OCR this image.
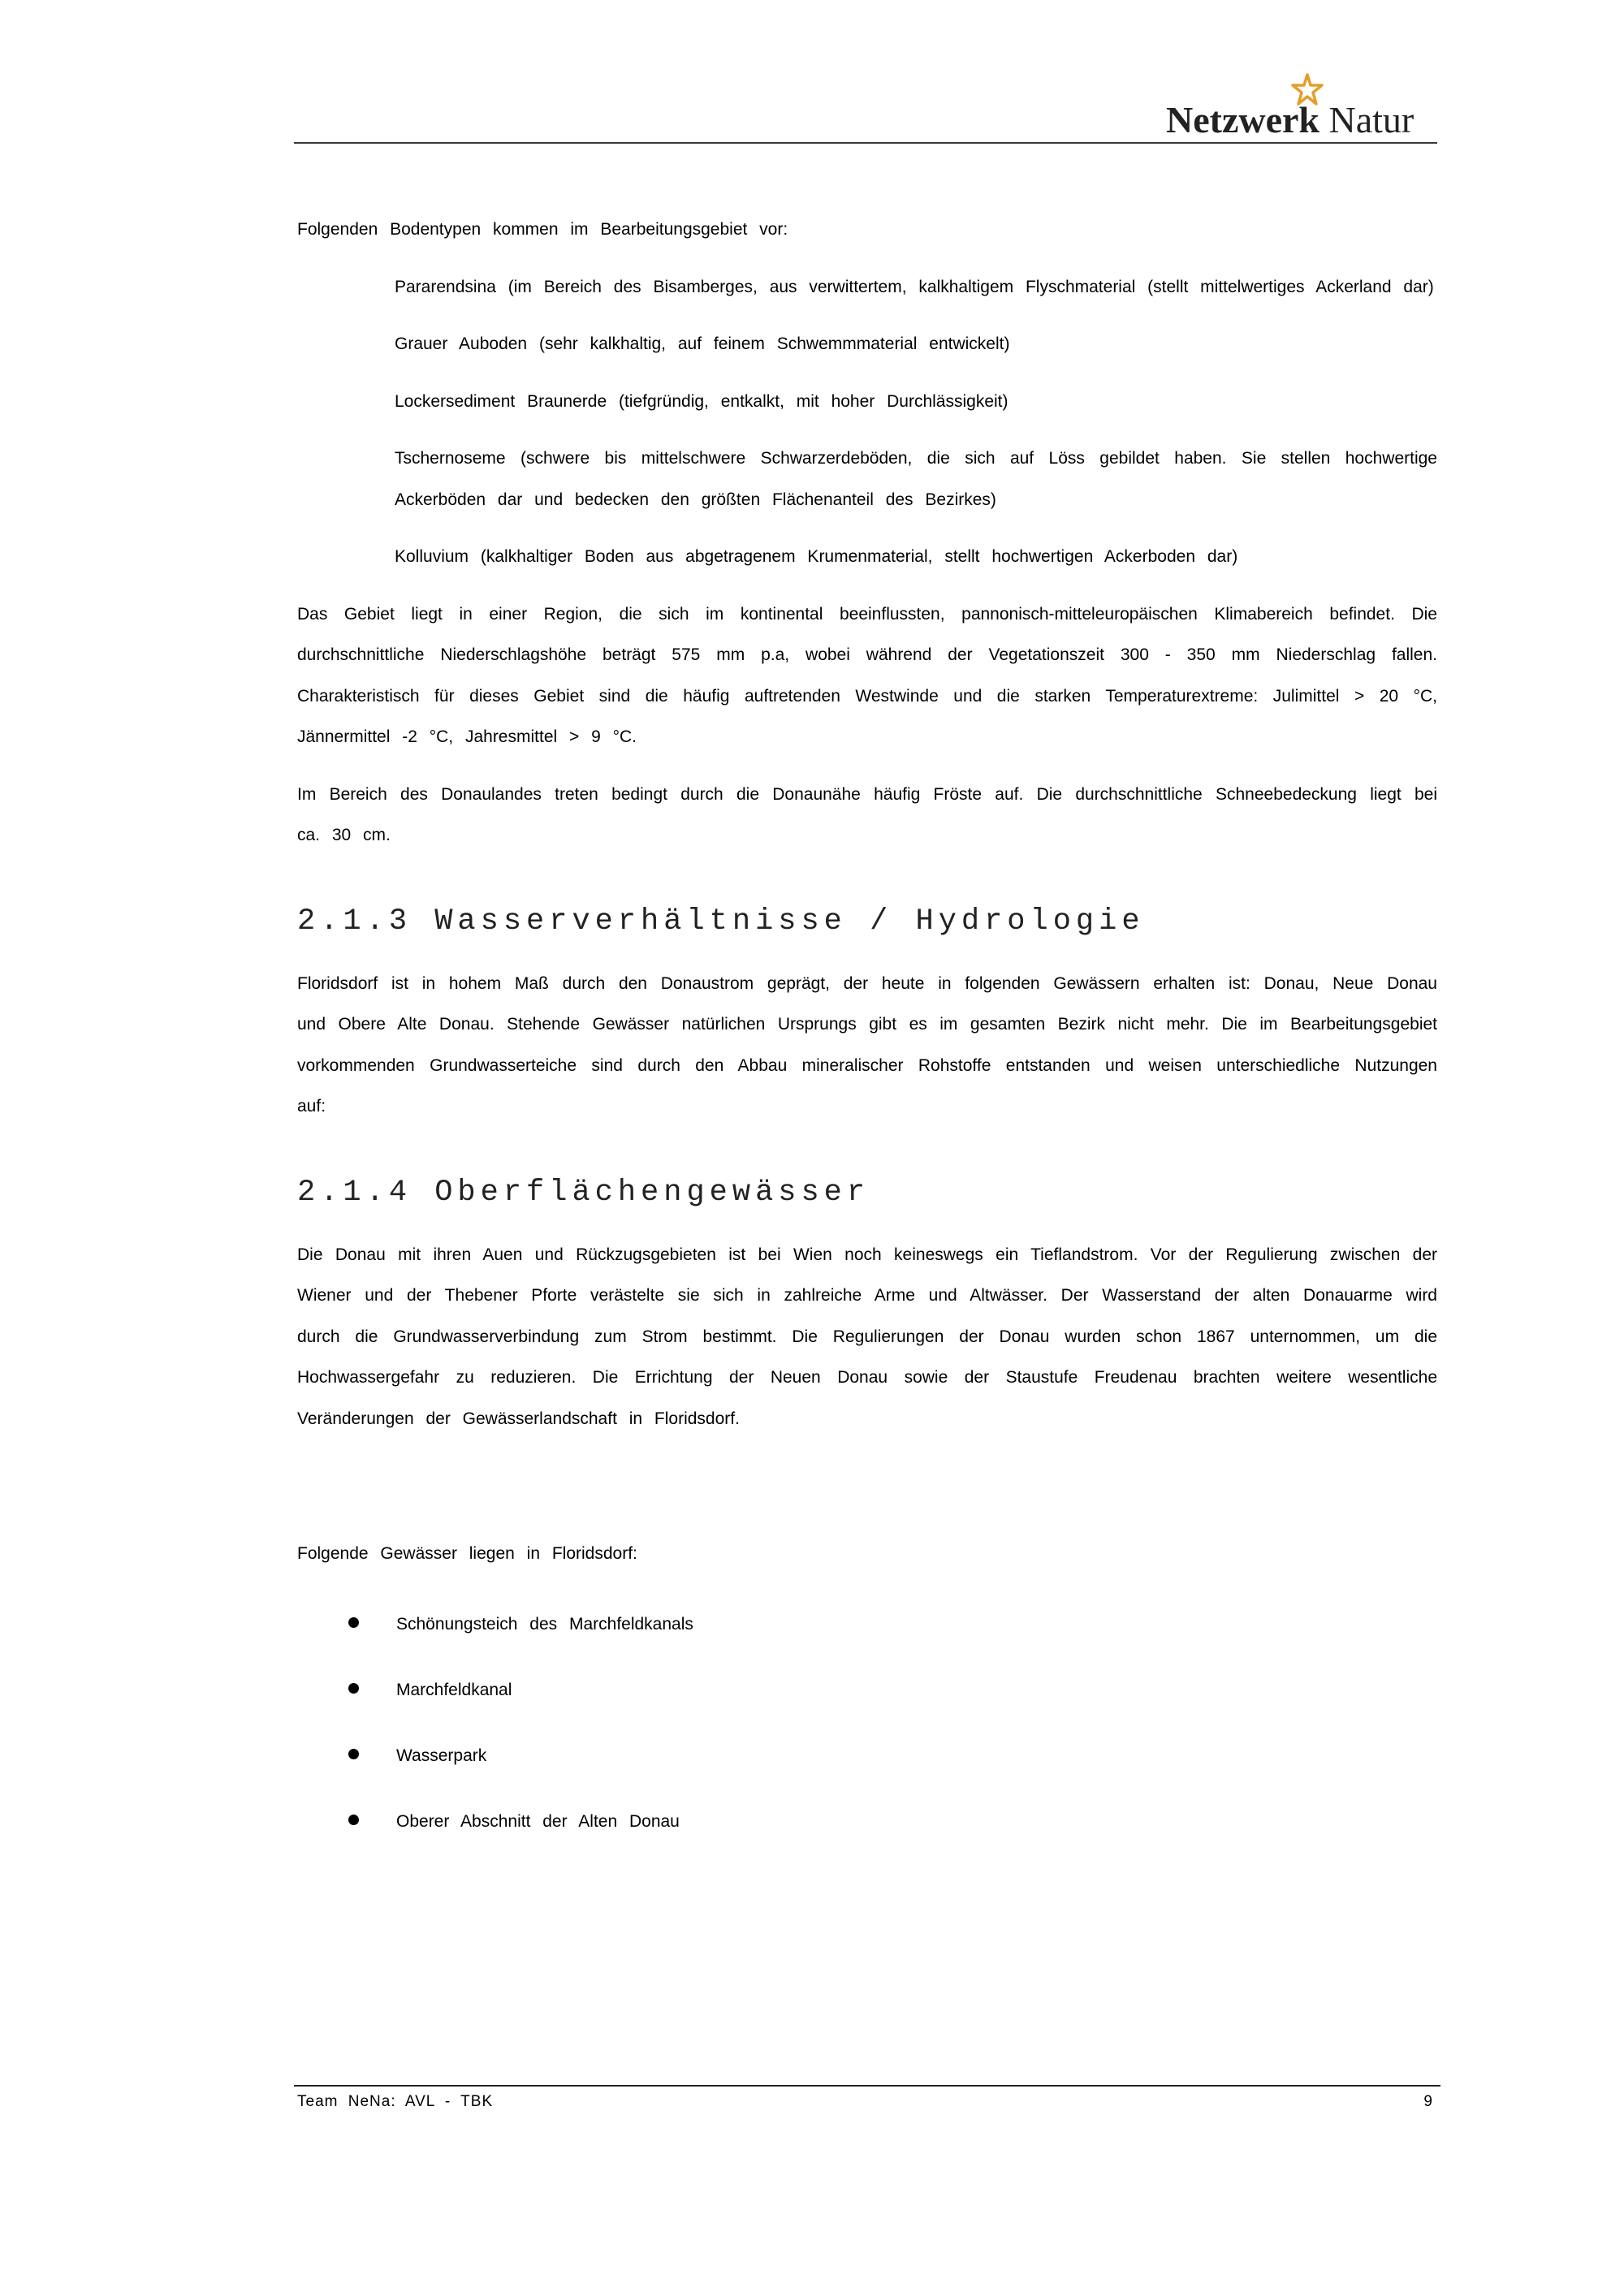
Netzwerk Natur

Folgenden Bodentypen kommen im Bearbeitungsgebiet vor:

Pararendsina (im Bereich des Bisamberges, aus verwittertem, kalkhaltigem Flyschmaterial (stellt mittelwertiges Ackerland dar)

Grauer Auboden (sehr kalkhaltig, auf feinem Schwemmmaterial entwickelt)

Lockersediment Braunerde (tiefgründig, entkalkt, mit hoher Durchlässigkeit)

Tschernoseme (schwere bis mittelschwere Schwarzerdeböden, die sich auf Löss gebildet haben. Sie stellen hochwertige Ackerböden dar und bedecken den größten Flächenanteil des Bezirkes)

Kolluvium (kalkhaltiger Boden aus abgetragenem Krumenmaterial, stellt hochwertigen Ackerboden dar)

Das Gebiet liegt in einer Region, die sich im kontinental beeinflussten, pannonisch-mitteleuropäischen Klimabereich befindet. Die durchschnittliche Niederschlagshöhe beträgt 575 mm p.a, wobei während der Vegetationszeit 300 - 350 mm Niederschlag fallen. Charakteristisch für dieses Gebiet sind die häufig auftretenden Westwinde und die starken Temperaturextreme: Julimittel > 20 °C, Jännermittel -2 °C, Jahresmittel > 9 °C.

Im Bereich des Donaulandes treten bedingt durch die Donaunähe häufig Fröste auf. Die durchschnittliche Schneebedeckung liegt bei ca. 30 cm.

2.1.3 Wasserverhältnisse / Hydrologie

Floridsdorf ist in hohem Maß durch den Donaustrom geprägt, der heute in folgenden Gewässern erhalten ist: Donau, Neue Donau und Obere Alte Donau. Stehende Gewässer natürlichen Ursprungs gibt es im gesamten Bezirk nicht mehr. Die im Bearbeitungsgebiet vorkommenden Grundwasserteiche sind durch den Abbau mineralischer Rohstoffe entstanden und weisen unterschiedliche Nutzungen auf:

2.1.4 Oberflächengewässer

Die Donau mit ihren Auen und Rückzugsgebieten ist bei Wien noch keineswegs ein Tieflandstrom. Vor der Regulierung zwischen der Wiener und der Thebener Pforte verästelte sie sich in zahlreiche Arme und Altwässer. Der Wasserstand der alten Donauarme wird durch die Grundwasserverbindung zum Strom bestimmt. Die Regulierungen der Donau wurden schon 1867 unternommen, um die Hochwassergefahr zu reduzieren. Die Errichtung der Neuen Donau sowie der Staustufe Freudenau brachten weitere wesentliche Veränderungen der Gewässerlandschaft in Floridsdorf.

Folgende Gewässer liegen in Floridsdorf:

Schönungsteich des Marchfeldkanals
Marchfeldkanal
Wasserpark
Oberer Abschnitt der Alten Donau
Team NeNa: AVL - TBK	9
